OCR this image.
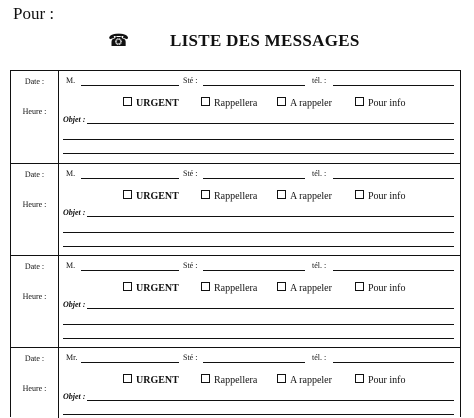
Pour :
☎ LISTE DES MESSAGES
Date :
Heure :
M.	Sté :	tél. :
URGENT	Rappellera	A rappeler	Pour info
Objet :
Date :
Heure :
M.	Sté :	tél. :
URGENT	Rappellera	A rappeler	Pour info
Objet :
Date :
Heure :
M.	Sté :	tél. :
URGENT	Rappellera	A rappeler	Pour info
Objet :
Date :
Heure :
Mr.	Sté :	tél. :
URGENT	Rappellera	A rappeler	Pour info
Objet :
